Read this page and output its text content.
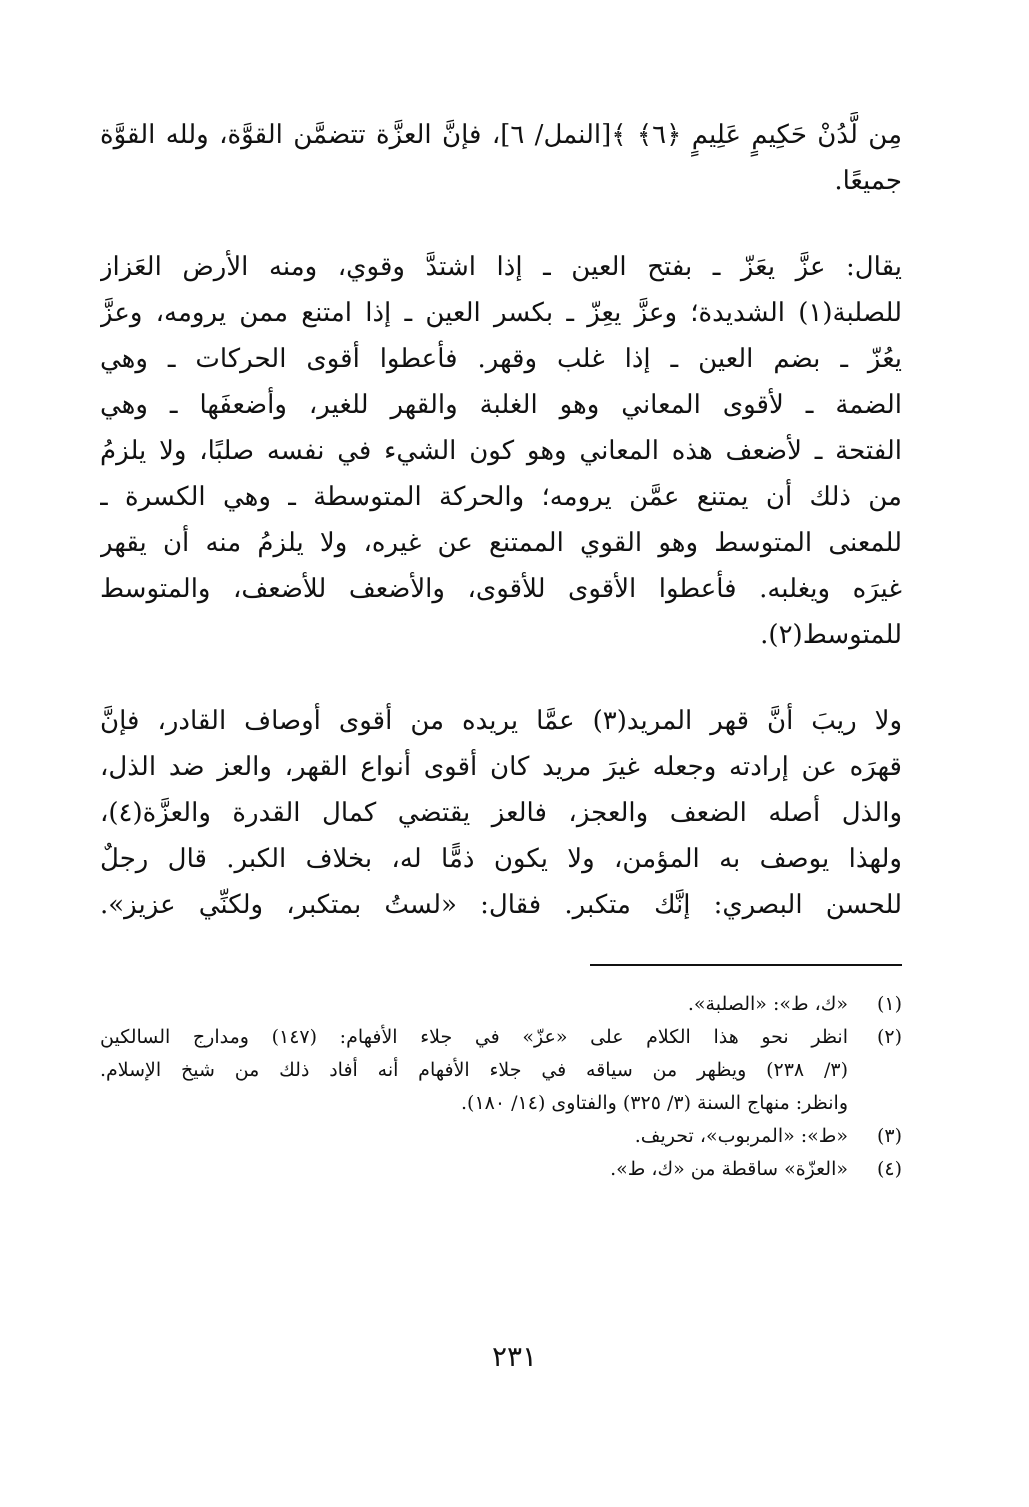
مِن لَّدُنْ حَكِيمٍ عَلِيمٍ ﴿٦﴾ ﴾[النمل/ ٦]، فإنَّ العزَّة تتضمَّن القوَّة، ولله القوَّة
جميعًا.
يقال: عزَّ يعَزّ ـ بفتح العين ـ إذا اشتدَّ وقوي، ومنه الأرض العَزاز
للصلبة(١) الشديدة؛ وعزَّ يعِزّ ـ بكسر العين ـ إذا امتنع ممن يرومه، وعزَّ
يعُزّ ـ بضم العين ـ إذا غلب وقهر. فأعطوا أقوى الحركات ـ وهي
الضمة ـ لأقوى المعاني وهو الغلبة والقهر للغير، وأضعفَها ـ وهي
الفتحة ـ لأضعف هذه المعاني وهو كون الشيء في نفسه صلبًا، ولا يلزمُ
من ذلك أن يمتنع عمَّن يرومه؛ والحركة المتوسطة ـ وهي الكسرة ـ
للمعنى المتوسط وهو القوي الممتنع عن غيره، ولا يلزمُ منه أن يقهر
غيرَه ويغلبه. فأعطوا الأقوى للأقوى، والأضعف للأضعف، والمتوسط
للمتوسط(٢).
ولا ريبَ أنَّ قهر المريد(٣) عمَّا يريده من أقوى أوصاف القادر، فإنَّ
قهرَه عن إرادته وجعله غيرَ مريد كان أقوى أنواع القهر، والعز ضد الذل،
والذل أصله الضعف والعجز، فالعز يقتضي كمال القدرة والعزَّة(٤)،
ولهذا يوصف به المؤمن، ولا يكون ذمًّا له، بخلاف الكبر. قال رجلٌ
للحسن البصري: إنَّك متكبر. فقال: «لستُ بمتكبر، ولكنِّي عزيز».
(١)
«ك، ط»: «الصلبة».
(٢)
انظر نحو هذا الكلام على «عزّ» في جلاء الأفهام: (١٤٧) ومدارج السالكين
(٣/ ٢٣٨) ويظهر من سياقه في جلاء الأفهام أنه أفاد ذلك من شيخ الإسلام.
وانظر: منهاج السنة (٣/ ٣٢٥) والفتاوى (١٤/ ١٨٠).
(٣)
«ط»: «المربوب»، تحريف.
(٤)
«العزّة» ساقطة من «ك، ط».
٢٣١
